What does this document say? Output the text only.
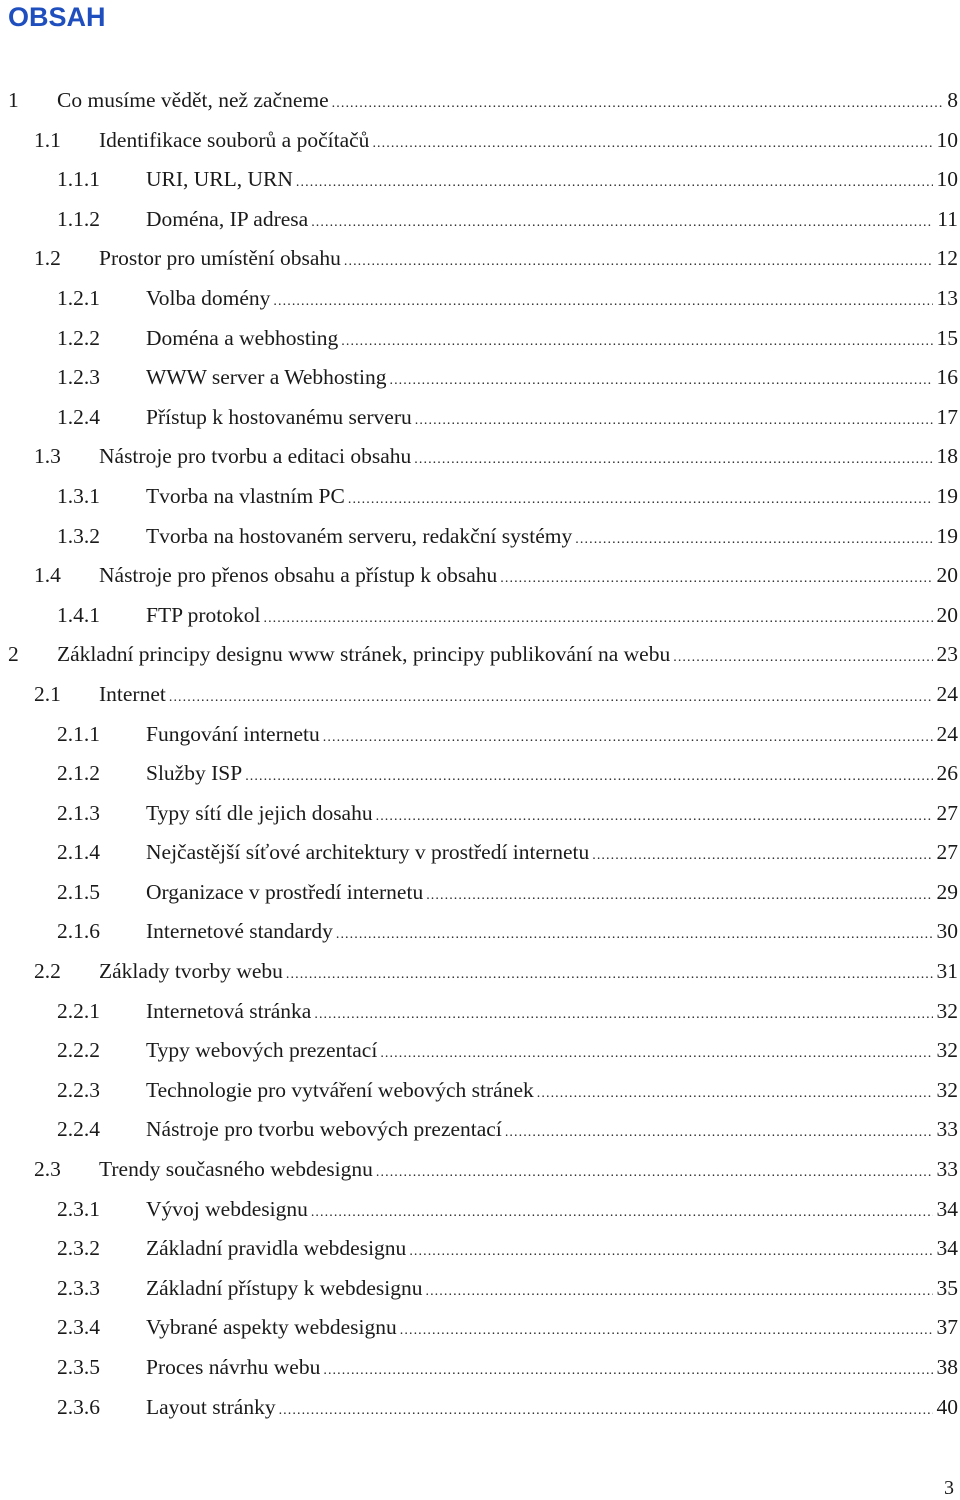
OBSAH
1 Co musíme vědět, než začneme .....	8
1.1 Identifikace souborů a počítačů .....	10
1.1.1 URI, URL, URN .....	10
1.1.2 Doména, IP adresa .....	11
1.2 Prostor pro umístění obsahu .....	12
1.2.1 Volba domény .....	13
1.2.2 Doména a webhosting .....	15
1.2.3 WWW server a Webhosting .....	16
1.2.4 Přístup k hostovanému serveru .....	17
1.3 Nástroje pro tvorbu a editaci obsahu .....	18
1.3.1 Tvorba na vlastním PC .....	19
1.3.2 Tvorba na hostovaném serveru, redakční systémy .....	19
1.4 Nástroje pro přenos obsahu a přístup k obsahu .....	20
1.4.1 FTP protokol .....	20
2 Základní principy designu www stránek, principy publikování na webu .....	23
2.1 Internet .....	24
2.1.1 Fungování internetu .....	24
2.1.2 Služby ISP .....	26
2.1.3 Typy sítí dle jejich dosahu .....	27
2.1.4 Nejčastější síťové architektury v prostředí internetu .....	27
2.1.5 Organizace v prostředí internetu .....	29
2.1.6 Internetové standardy .....	30
2.2 Základy tvorby webu .....	31
2.2.1 Internetová stránka .....	32
2.2.2 Typy webových prezentací .....	32
2.2.3 Technologie pro vytváření webových stránek .....	32
2.2.4 Nástroje pro tvorbu webových prezentací .....	33
2.3 Trendy současného webdesignu .....	33
2.3.1 Vývoj webdesignu .....	34
2.3.2 Základní pravidla webdesignu .....	34
2.3.3 Základní přístupy k webdesignu .....	35
2.3.4 Vybrané aspekty webdesignu .....	37
2.3.5 Proces návrhu webu .....	38
2.3.6 Layout stránky .....	40
3
